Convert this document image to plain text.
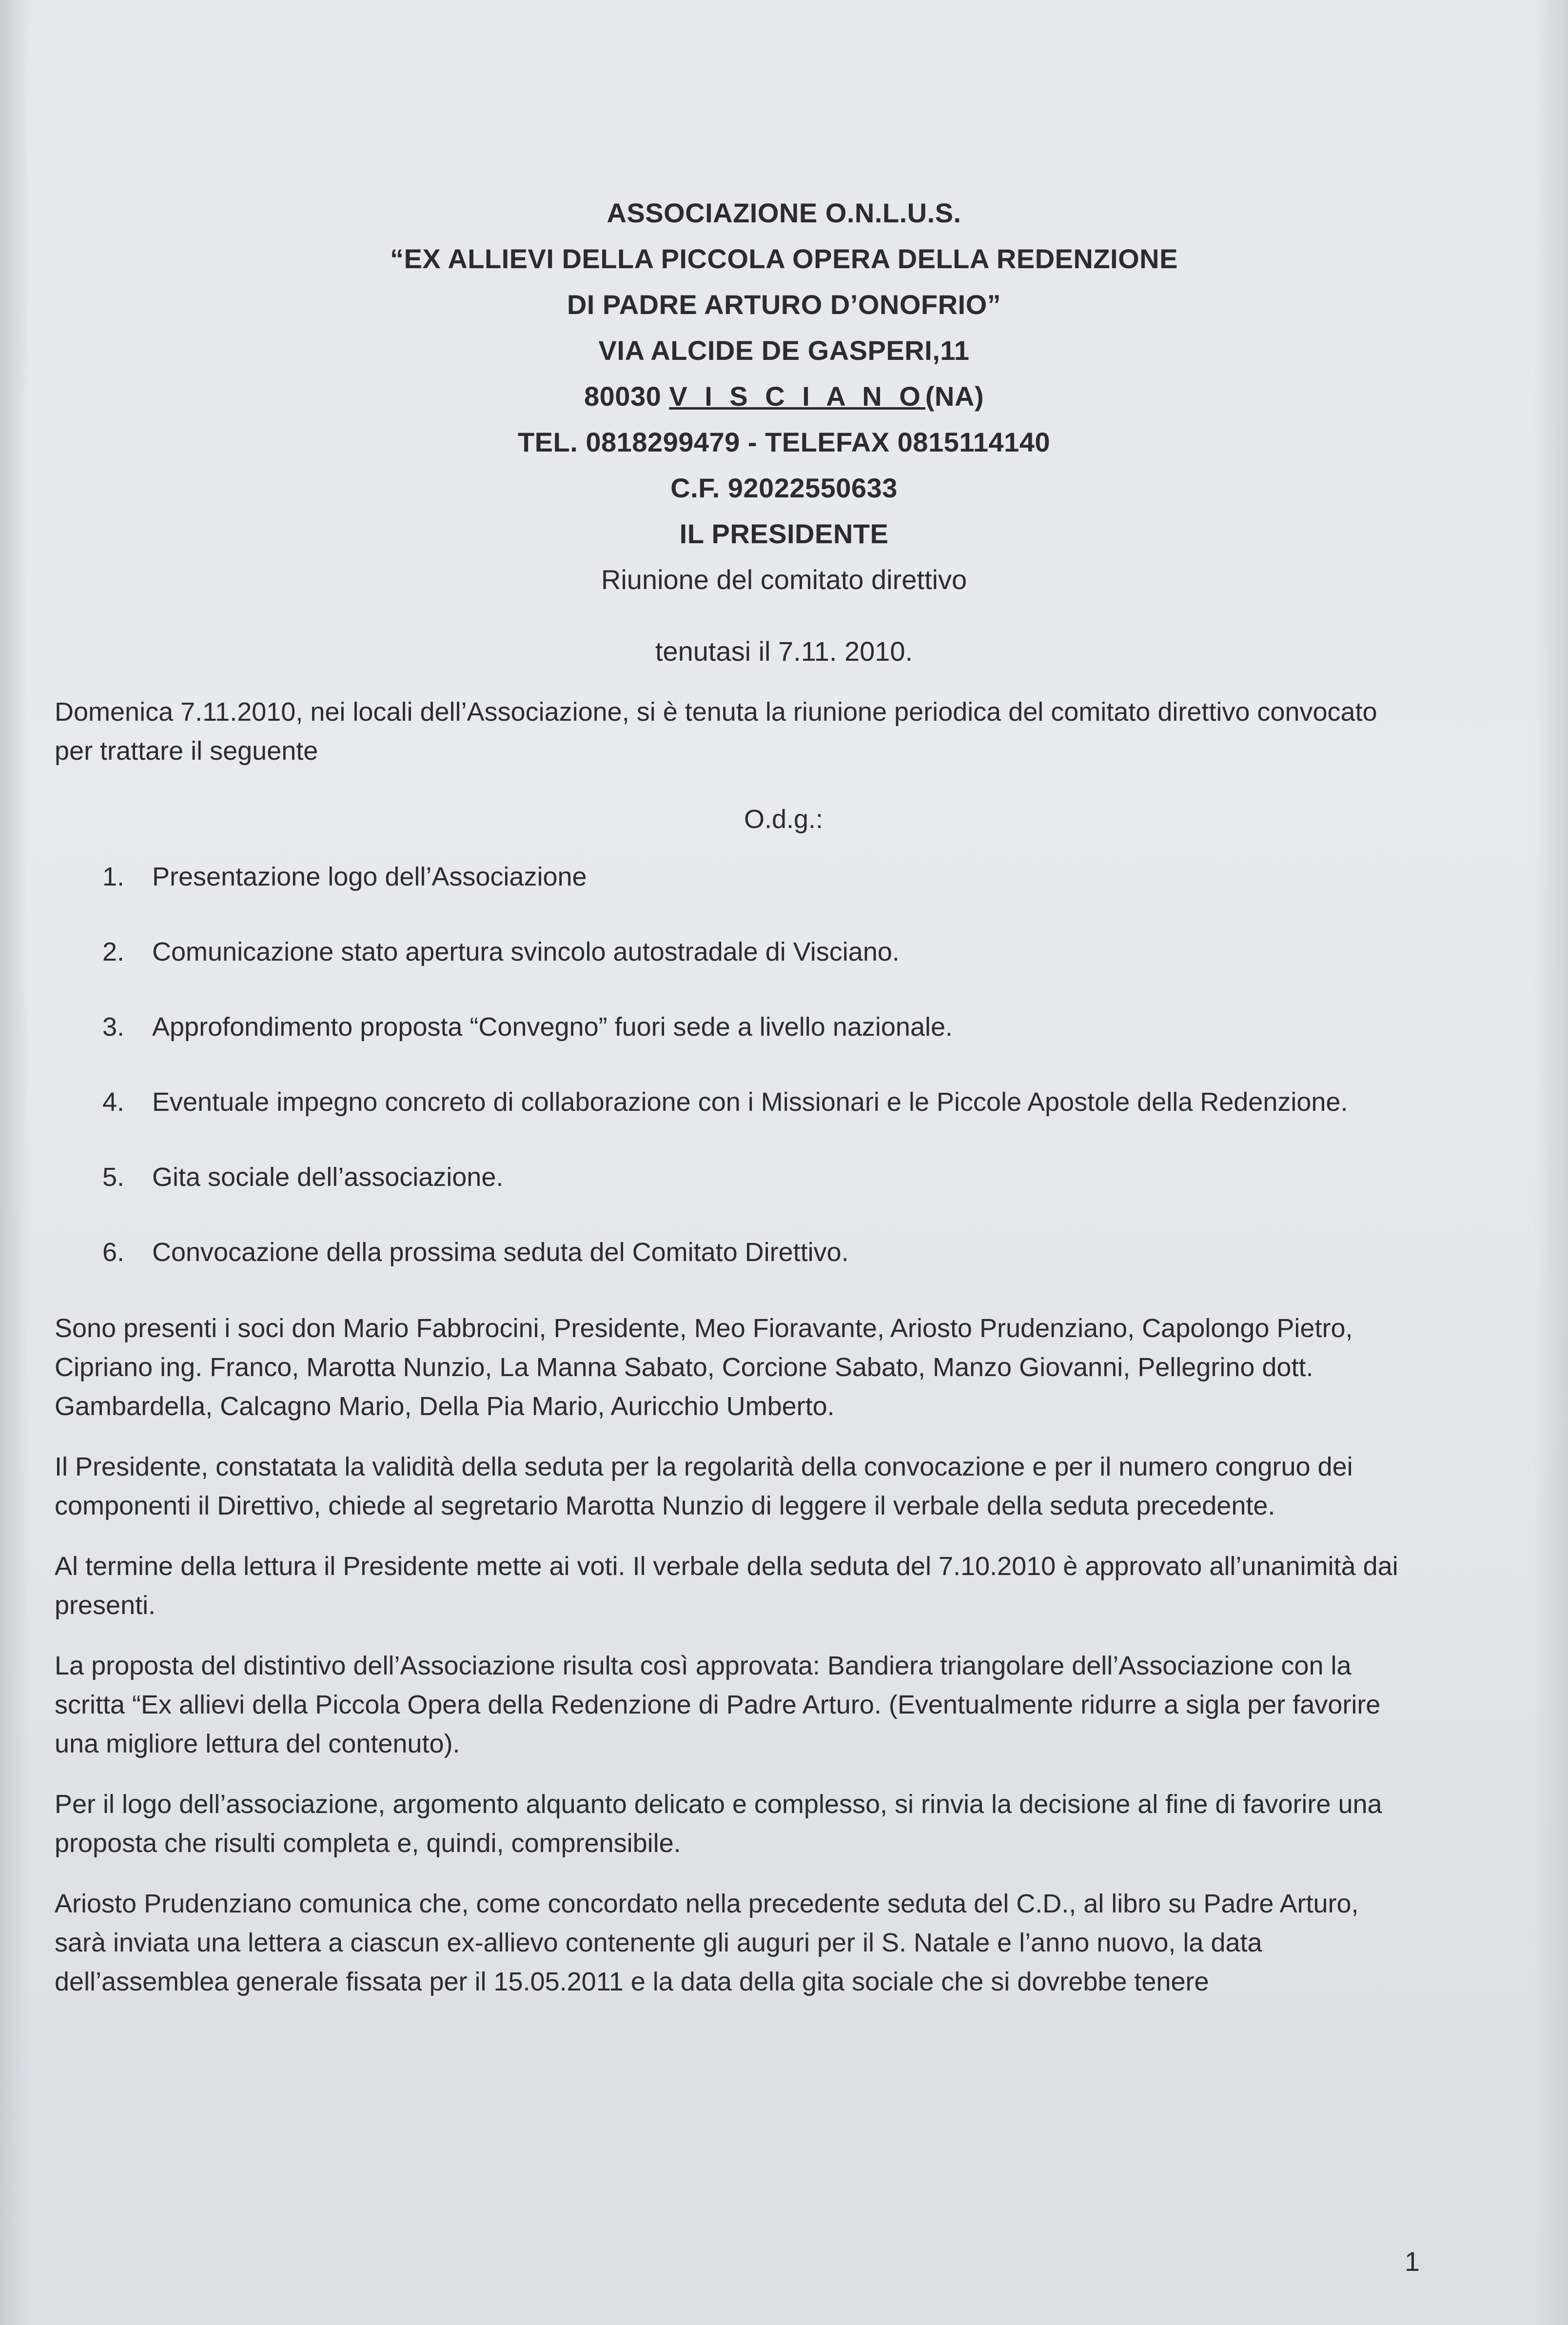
ASSOCIAZIONE O.N.L.U.S.
“EX ALLIEVI DELLA PICCOLA OPERA DELLA REDENZIONE
DI PADRE ARTURO D’ONOFRIO”
VIA ALCIDE DE GASPERI,11
80030 V I S C I A N O(NA)
TEL. 0818299479 - TELEFAX 0815114140
C.F. 92022550633
IL PRESIDENTE
Riunione del comitato direttivo
tenutasi il 7.11. 2010.

Domenica 7.11.2010, nei locali dell’Associazione, si è tenuta la riunione periodica del comitato direttivo convocato per trattare il seguente

O.d.g.:
1. Presentazione logo dell’Associazione
2. Comunicazione stato apertura svincolo autostradale di Visciano.
3. Approfondimento proposta “Convegno” fuori sede a livello nazionale.
4. Eventuale impegno concreto di collaborazione con i Missionari e le Piccole Apostole della Redenzione.
5. Gita sociale dell’associazione.
6. Convocazione della prossima seduta del Comitato Direttivo.

Sono presenti i soci don Mario Fabbrocini, Presidente, Meo Fioravante, Ariosto Prudenziano, Capolongo Pietro, Cipriano ing. Franco, Marotta Nunzio, La Manna Sabato, Corcione Sabato, Manzo Giovanni, Pellegrino dott. Gambardella, Calcagno Mario, Della Pia Mario, Auricchio Umberto.

Il Presidente, constatata la validità della seduta per la regolarità della convocazione e per il numero congruo dei componenti il Direttivo, chiede al segretario Marotta Nunzio di leggere il verbale della seduta precedente.

Al termine della lettura il Presidente mette ai voti. Il verbale della seduta del 7.10.2010 è approvato all’unanimità dai presenti.

La proposta del distintivo dell’Associazione risulta così approvata: Bandiera triangolare dell’Associazione con la scritta “Ex allievi della Piccola Opera della Redenzione di Padre Arturo. (Eventualmente ridurre a sigla per favorire una migliore lettura del contenuto).

Per il logo dell’associazione, argomento alquanto delicato e complesso, si rinvia la decisione al fine di favorire una proposta che risulti completa e, quindi, comprensibile.

Ariosto Prudenziano comunica che, come concordato nella precedente seduta del C.D., al libro su Padre Arturo, sarà inviata una lettera a ciascun ex-allievo contenente gli auguri per il S. Natale e l’anno nuovo, la data dell’assemblea generale fissata per il 15.05.2011 e la data della gita sociale che si dovrebbe tenere

1
